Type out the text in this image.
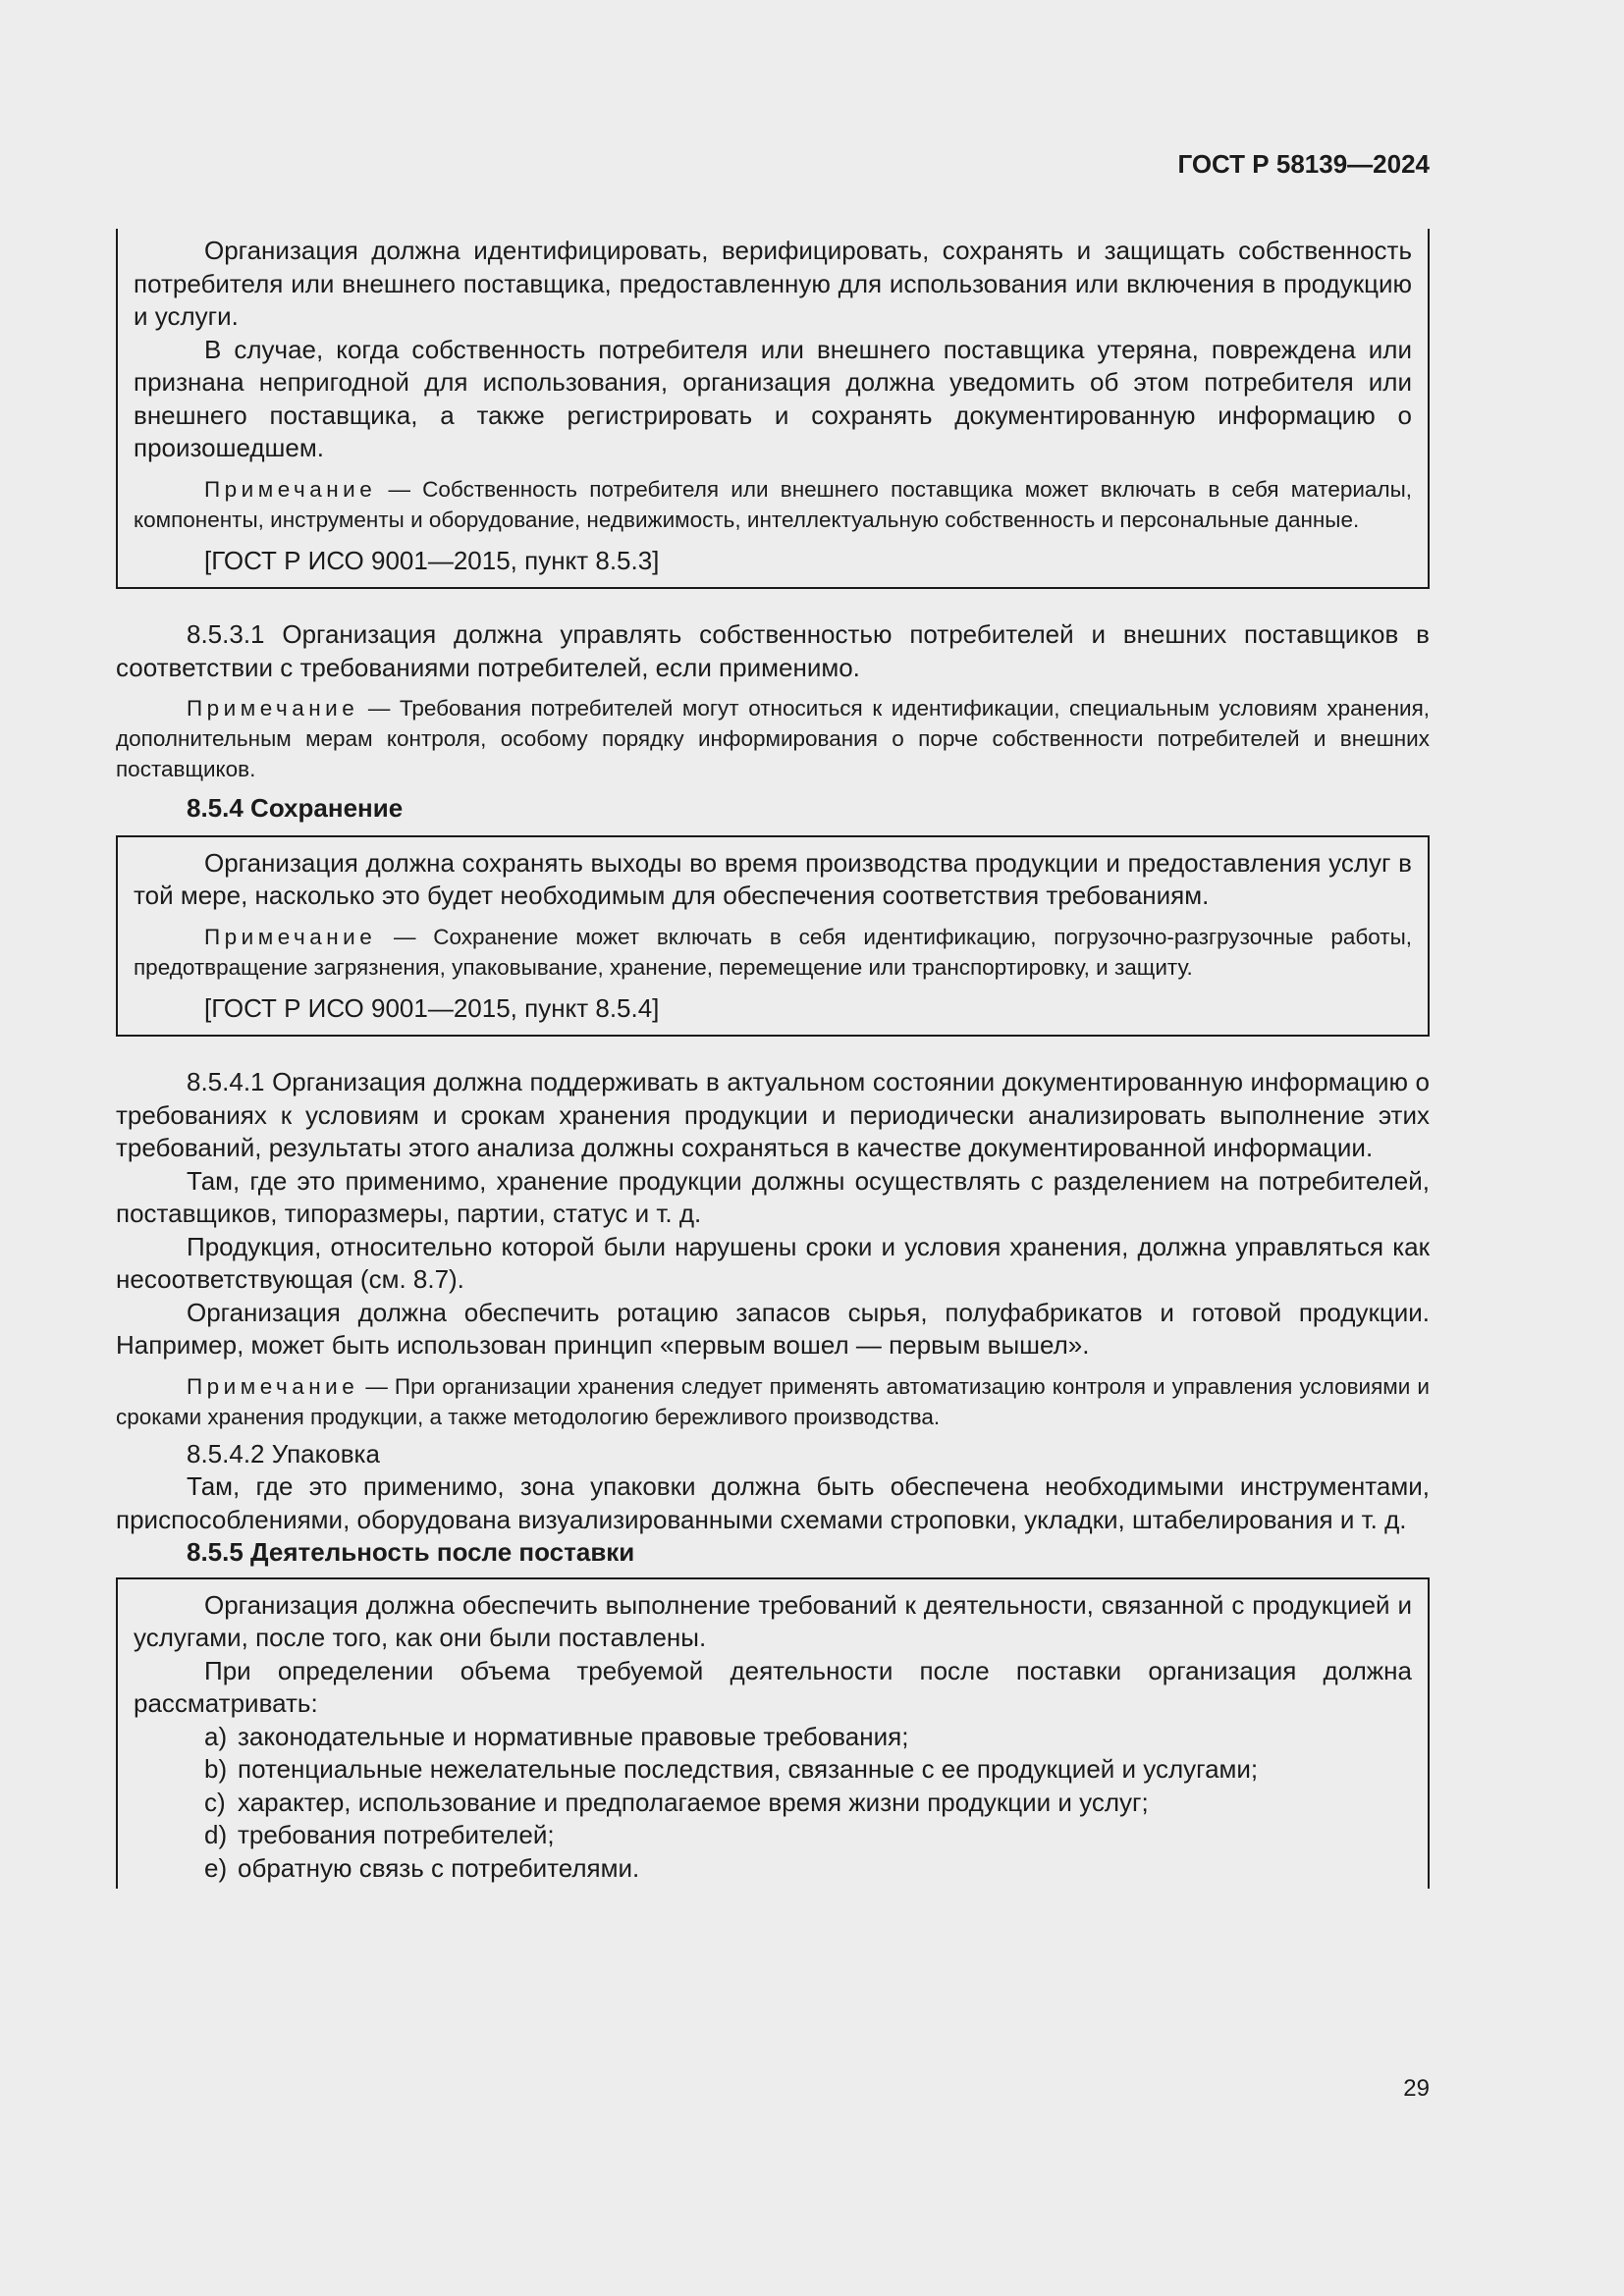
ГОСТ Р 58139—2024

Организация должна идентифицировать, верифицировать, сохранять и защищать собственность потребителя или внешнего поставщика, предоставленную для использования или включения в продукцию и услуги.

В случае, когда собственность потребителя или внешнего поставщика утеряна, повреждена или признана непригодной для использования, организация должна уведомить об этом потребителя или внешнего поставщика, а также регистрировать и сохранять документированную информацию о произошедшем.

Примечание — Собственность потребителя или внешнего поставщика может включать в себя материалы, компоненты, инструменты и оборудование, недвижимость, интеллектуальную собственность и персональные данные.

[ГОСТ Р ИСО 9001—2015, пункт 8.5.3]

8.5.3.1 Организация должна управлять собственностью потребителей и внешних поставщиков в соответствии с требованиями потребителей, если применимо.

Примечание — Требования потребителей могут относиться к идентификации, специальным условиям хранения, дополнительным мерам контроля, особому порядку информирования о порче собственности потребителей и внешних поставщиков.

8.5.4 Сохранение

Организация должна сохранять выходы во время производства продукции и предоставления услуг в той мере, насколько это будет необходимым для обеспечения соответствия требованиям.

Примечание — Сохранение может включать в себя идентификацию, погрузочно-разгрузочные работы, предотвращение загрязнения, упаковывание, хранение, перемещение или транспортировку, и защиту.

[ГОСТ Р ИСО 9001—2015, пункт 8.5.4]

8.5.4.1 Организация должна поддерживать в актуальном состоянии документированную информацию о требованиях к условиям и срокам хранения продукции и периодически анализировать выполнение этих требований, результаты этого анализа должны сохраняться в качестве документированной информации.

Там, где это применимо, хранение продукции должны осуществлять с разделением на потребителей, поставщиков, типоразмеры, партии, статус и т. д.

Продукция, относительно которой были нарушены сроки и условия хранения, должна управляться как несоответствующая (см. 8.7).

Организация должна обеспечить ротацию запасов сырья, полуфабрикатов и готовой продукции. Например, может быть использован принцип «первым вошел — первым вышел».

Примечание — При организации хранения следует применять автоматизацию контроля и управления условиями и сроками хранения продукции, а также методологию бережливого производства.

8.5.4.2 Упаковка

Там, где это применимо, зона упаковки должна быть обеспечена необходимыми инструментами, приспособлениями, оборудована визуализированными схемами строповки, укладки, штабелирования и т. д.

8.5.5 Деятельность после поставки

Организация должна обеспечить выполнение требований к деятельности, связанной с продукцией и услугами, после того, как они были поставлены.

При определении объема требуемой деятельности после поставки организация должна рассматривать:

a) законодательные и нормативные правовые требования;
b) потенциальные нежелательные последствия, связанные с ее продукцией и услугами;
c) характер, использование и предполагаемое время жизни продукции и услуг;
d) требования потребителей;
e) обратную связь с потребителями.
29
